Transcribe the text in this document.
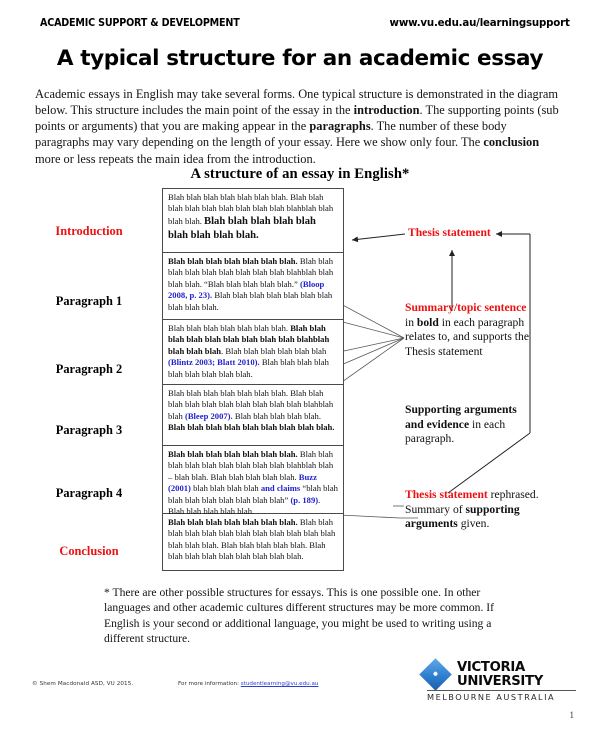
ACADEMIC SUPPORT & DEVELOPMENT	www.vu.edu.au/learningsupport
A typical structure for an academic essay
Academic essays in English may take several forms. One typical structure is demonstrated in the diagram below. This structure includes the main point of the essay in the introduction. The supporting points (sub points or arguments) that you are making appear in the paragraphs. The number of these body paragraphs may vary depending on the length of your essay. Here we show only four. The conclusion more or less repeats the main idea from the introduction.
A structure of an essay in English*
Introduction
Paragraph 1
Paragraph 2
Paragraph 3
Paragraph 4
Conclusion
Blah blah blah blah blah blah blah. Blah blah blah blah blah blah blah blah blah blahblah blah blah blah. Blah blah blah blah blah blah blah blah blah.
Blah blah blah blah blah blah blah. Blah blah blah blah blah blah blah blah blah blahblah blah blah blah. “Blah blah blah blah blah.” (Bloop 2008, p. 23). Blah blah blah blah blah blah blah blah blah blah.
Blah blah blah blah blah blah blah. Blah blah blah blah blah blah blah blah blah blahblah blah blah blah. Blah blah blah blah blah blah (Blintz 2003; Blatt 2010). Blah blah blah blah blah blah blah blah blah.
Blah blah blah blah blah blah blah. Blah blah blah blah blah blah blah blah blah blah blahblah blah (Bleep 2007). Blah blah blah blah blah. Blah blah blah blah blah blah blah blah blah.
Blah blah blah blah blah blah blah. Blah blah blah blah blah blah blah blah blah blahblah blah – blah blah. Blah blah blah blah blah. Buzz (2001) blah blah blah blah and claims “blah blah blah blah blah blah blah blah blah” (p. 189). Blah blah blah blah blah.
Blah blah blah blah blah blah blah. Blah blah blah blah blah blah blah blah blah blah blah blah blah blah blah. Blah blah blah blah blah. Blah blah blah blah blah blah blah blah blah.
Thesis statement
Summary/topic sentence in bold in each paragraph relates to, and supports the Thesis statement
Supporting arguments and evidence in each paragraph.
Thesis statement rephrased. Summary of supporting arguments given.
* There are other possible structures for essays. This is one possible one. In other languages and other academic cultures different structures may be more common. If English is your second or additional language, you might be used to writing using a different structure.
© Shem Macdonald ASD, VU 2015.	For more information: studentlearning@vu.edu.au
VICTORIA
UNIVERSITY
MELBOURNE AUSTRALIA
1
